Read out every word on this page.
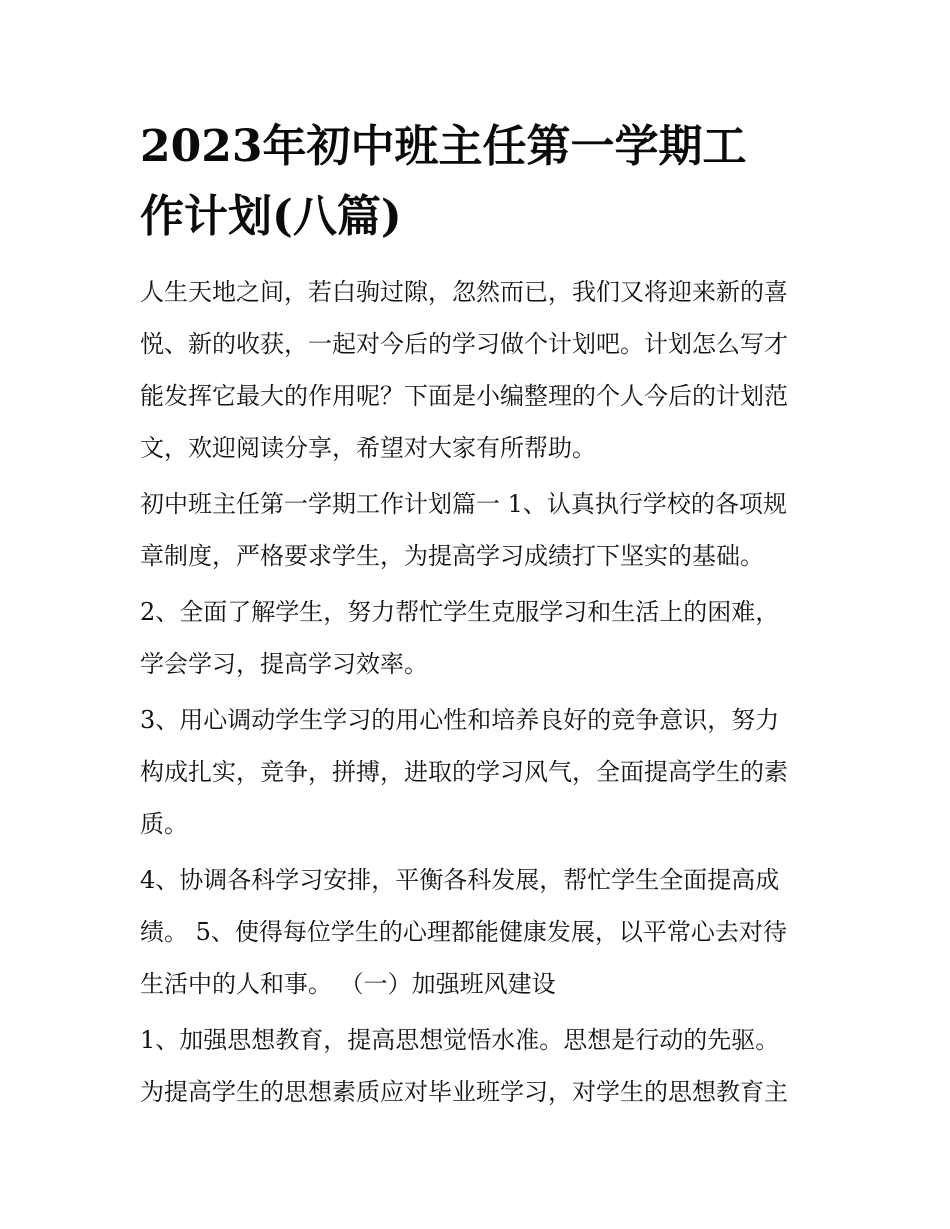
2023年初中班主任第一学期工
作计划(八篇)

人生天地之间，若白驹过隙，忽然而已，我们又将迎来新的喜
悦、新的收获，一起对今后的学习做个计划吧。计划怎么写才
能发挥它最大的作用呢？下面是小编整理的个人今后的计划范
文，欢迎阅读分享，希望对大家有所帮助。

初中班主任第一学期工作计划篇一 1、认真执行学校的各项规
章制度，严格要求学生，为提高学习成绩打下坚实的基础。

2、全面了解学生，努力帮忙学生克服学习和生活上的困难，
学会学习，提高学习效率。

3、用心调动学生学习的用心性和培养良好的竞争意识，努力
构成扎实，竞争，拼搏，进取的学习风气，全面提高学生的素
质。

4、协调各科学习安排，平衡各科发展，帮忙学生全面提高成
绩。 5、使得每位学生的心理都能健康发展，以平常心去对待
生活中的人和事。 （一）加强班风建设

1、加强思想教育，提高思想觉悟水准。思想是行动的先驱。
为提高学生的思想素质应对毕业班学习，对学生的思想教育主
